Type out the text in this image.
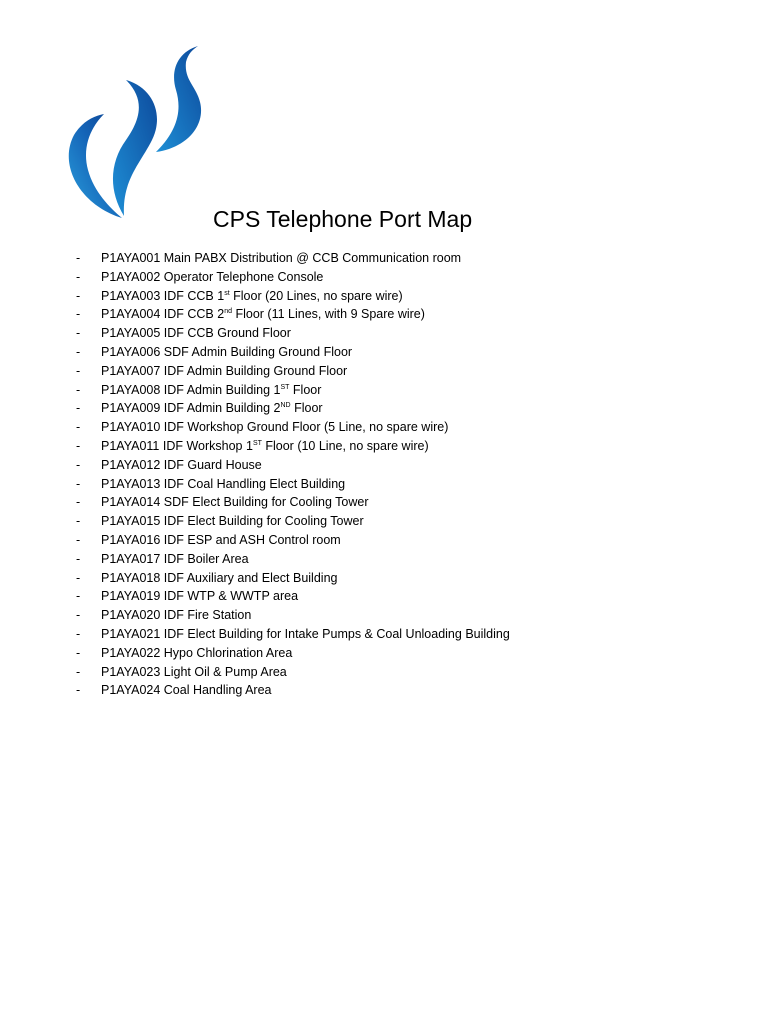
CPS Telephone Port Map
-	P1AYA001 Main PABX Distribution @ CCB Communication room
-	P1AYA002 Operator Telephone Console
-	P1AYA003 IDF CCB 1st Floor (20 Lines, no spare wire)
-	P1AYA004 IDF CCB 2nd Floor (11 Lines, with 9 Spare wire)
-	P1AYA005 IDF CCB Ground Floor
-	P1AYA006 SDF Admin Building Ground Floor
-	P1AYA007 IDF Admin Building Ground Floor
-	P1AYA008 IDF Admin Building 1ST Floor
-	P1AYA009 IDF Admin Building 2ND Floor
-	P1AYA010 IDF Workshop Ground Floor (5 Line, no spare wire)
-	P1AYA011 IDF Workshop 1ST Floor (10 Line, no spare wire)
-	P1AYA012 IDF Guard House
-	P1AYA013 IDF Coal Handling Elect Building
-	P1AYA014 SDF Elect Building for Cooling Tower
-	P1AYA015 IDF Elect Building for Cooling Tower
-	P1AYA016 IDF ESP and ASH Control room
-	P1AYA017 IDF Boiler Area
-	P1AYA018 IDF Auxiliary and Elect Building
-	P1AYA019 IDF WTP & WWTP area
-	P1AYA020 IDF Fire Station
-	P1AYA021 IDF Elect Building for Intake Pumps & Coal Unloading Building
-	P1AYA022 Hypo Chlorination Area
-	P1AYA023 Light Oil & Pump Area
-	P1AYA024 Coal Handling Area
